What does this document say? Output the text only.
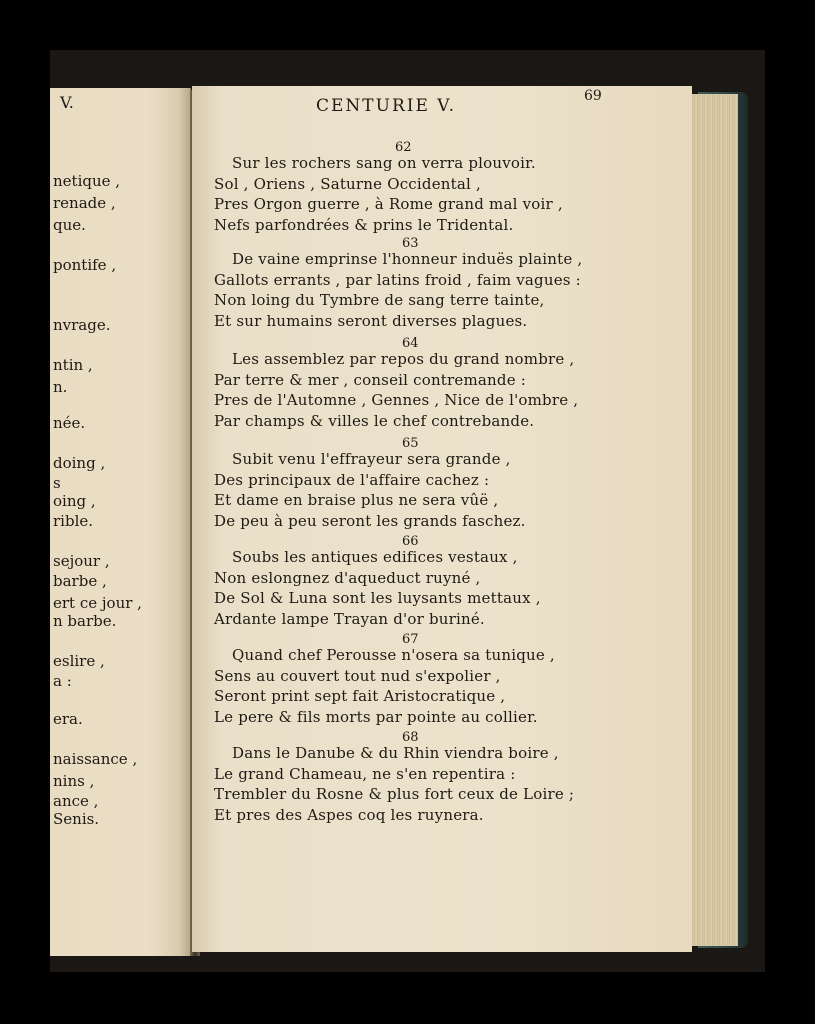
V.
netique ,
renade ,
que.
pontife ,
nvrage.
ntin ,
n.
née.
doing ,
s
oing ,
rible.
sejour ,
barbe ,
ert ce jour ,
n barbe.
eslire ,
a :
era.
naissance ,
nins ,
ance ,
Senis.
CENTURIE V.	69
62
Sur les rochers sang on verra plouvoir.
Sol , Oriens , Saturne Occidental ,
Pres Orgon guerre , à Rome grand mal voir ,
Nefs parfondrées & prins le Tridental.
63
De vaine emprinse l'honneur induës plainte ,
Gallots errants , par latins froid , faim vagues :
Non loing du Tymbre de sang terre tainte,
Et sur humains seront diverses plagues.
64
Les assemblez par repos du grand nombre ,
Par terre & mer , conseil contremande :
Pres de l'Automne , Gennes , Nice de l'ombre ,
Par champs & villes le chef contrebande.
65
Subit venu l'effrayeur sera grande ,
Des principaux de l'affaire cachez :
Et dame en braise plus ne sera vûë ,
De peu à peu seront les grands faschez.
66
Soubs les antiques edifices vestaux ,
Non eslongnez d'aqueduct ruyné ,
De Sol & Luna sont les luysants mettaux ,
Ardante lampe Trayan d'or buriné.
67
Quand chef Perousse n'osera sa tunique ,
Sens au couvert tout nud s'expolier ,
Seront print sept fait Aristocratique ,
Le pere & fils morts par pointe au collier.
68
Dans le Danube & du Rhin viendra boire ,
Le grand Chameau, ne s'en repentira :
Trembler du Rosne & plus fort ceux de Loire ;
Et pres des Aspes coq les ruynera.
